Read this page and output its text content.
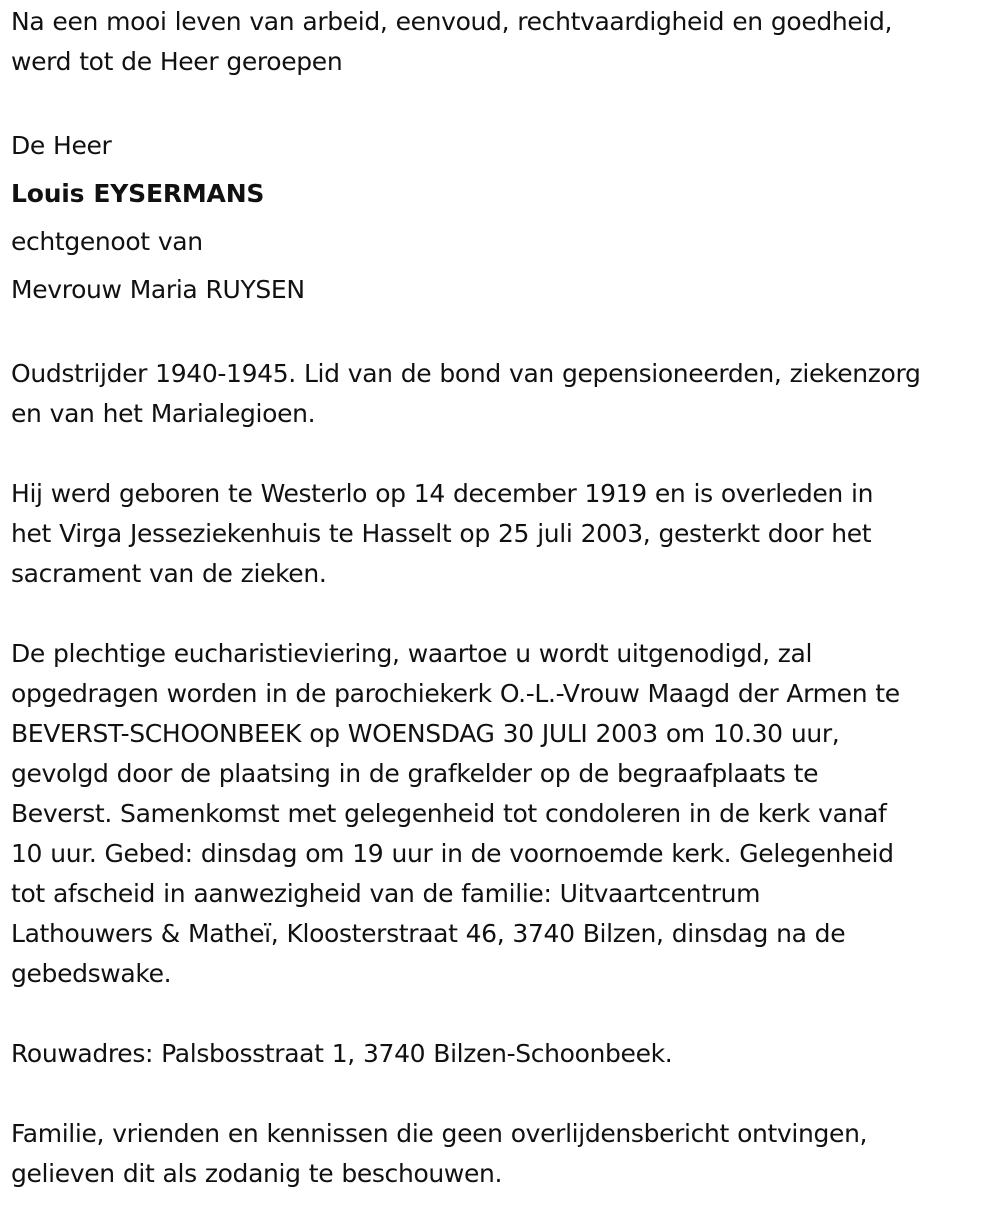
Na een mooi leven van arbeid, eenvoud, rechtvaardigheid en goedheid,
werd tot de Heer geroepen
De Heer
Louis EYSERMANS
echtgenoot van
Mevrouw Maria RUYSEN
Oudstrijder 1940-1945. Lid van de bond van gepensioneerden, ziekenzorg
en van het Marialegioen.
Hij werd geboren te Westerlo op 14 december 1919 en is overleden in
het Virga Jesseziekenhuis te Hasselt op 25 juli 2003, gesterkt door het
sacrament van de zieken.
De plechtige eucharistieviering, waartoe u wordt uitgenodigd, zal
opgedragen worden in de parochiekerk O.-L.-Vrouw Maagd der Armen te
BEVERST-SCHOONBEEK op WOENSDAG 30 JULI 2003 om 10.30 uur,
gevolgd door de plaatsing in de grafkelder op de begraafplaats te
Beverst. Samenkomst met gelegenheid tot condoleren in de kerk vanaf
10 uur. Gebed: dinsdag om 19 uur in de voornoemde kerk. Gelegenheid
tot afscheid in aanwezigheid van de familie: Uitvaartcentrum
Lathouwers & Matheï, Kloosterstraat 46, 3740 Bilzen, dinsdag na de
gebedswake.
Rouwadres: Palsbosstraat 1, 3740 Bilzen-Schoonbeek.
Familie, vrienden en kennissen die geen overlijdensbericht ontvingen,
gelieven dit als zodanig te beschouwen.
